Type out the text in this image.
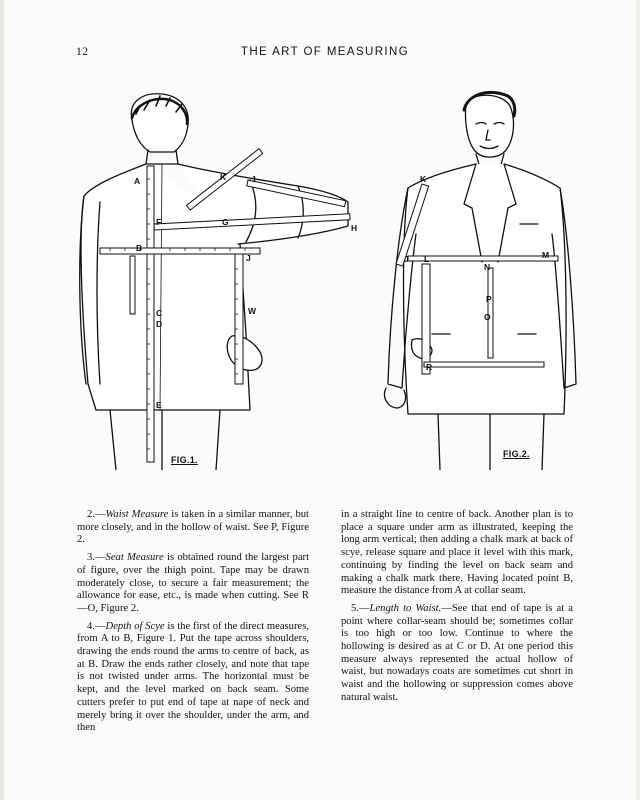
12	THE ART OF MEASURING
A	K	1
F	G
H
B
J
W
C
D
E
FIG.1.
K
J L	M
N
P
O
R
FIG.2.

2.—Waist Measure is taken in a similar manner, but more closely, and in the hollow of waist. See P, Figure 2.

3.—Seat Measure is obtained round the largest part of figure, over the thigh point. Tape may be drawn moderately close, to secure a fair measurement; the allowance for ease, etc., is made when cutting. See R—O, Figure 2.

4.—Depth of Scye is the first of the direct measures, from A to B, Figure 1. Put the tape across shoulders, drawing the ends round the arms to centre of back, as at B. Draw the ends rather closely, and note that tape is not twisted under arms. The horizontal must be kept, and the level marked on back seam. Some cutters prefer to put end of tape at nape of neck and merely bring it over the shoulder, under the arm, and then

in a straight line to centre of back. Another plan is to place a square under arm as illustrated, keeping the long arm vertical; then adding a chalk mark at back of scye, release square and place it level with this mark, continuing by finding the level on back seam and making a chalk mark there. Having located point B, measure the distance from A at collar seam.

5.—Length to Waist.—See that end of tape is at a point where collar-seam should be; sometimes collar is too high or too low. Continue to where the hollowing is desired as at C or D. At one period this measure always represented the actual hollow of waist, but nowadays coats are sometimes cut short in waist and the hollowing or suppression comes above natural waist.
